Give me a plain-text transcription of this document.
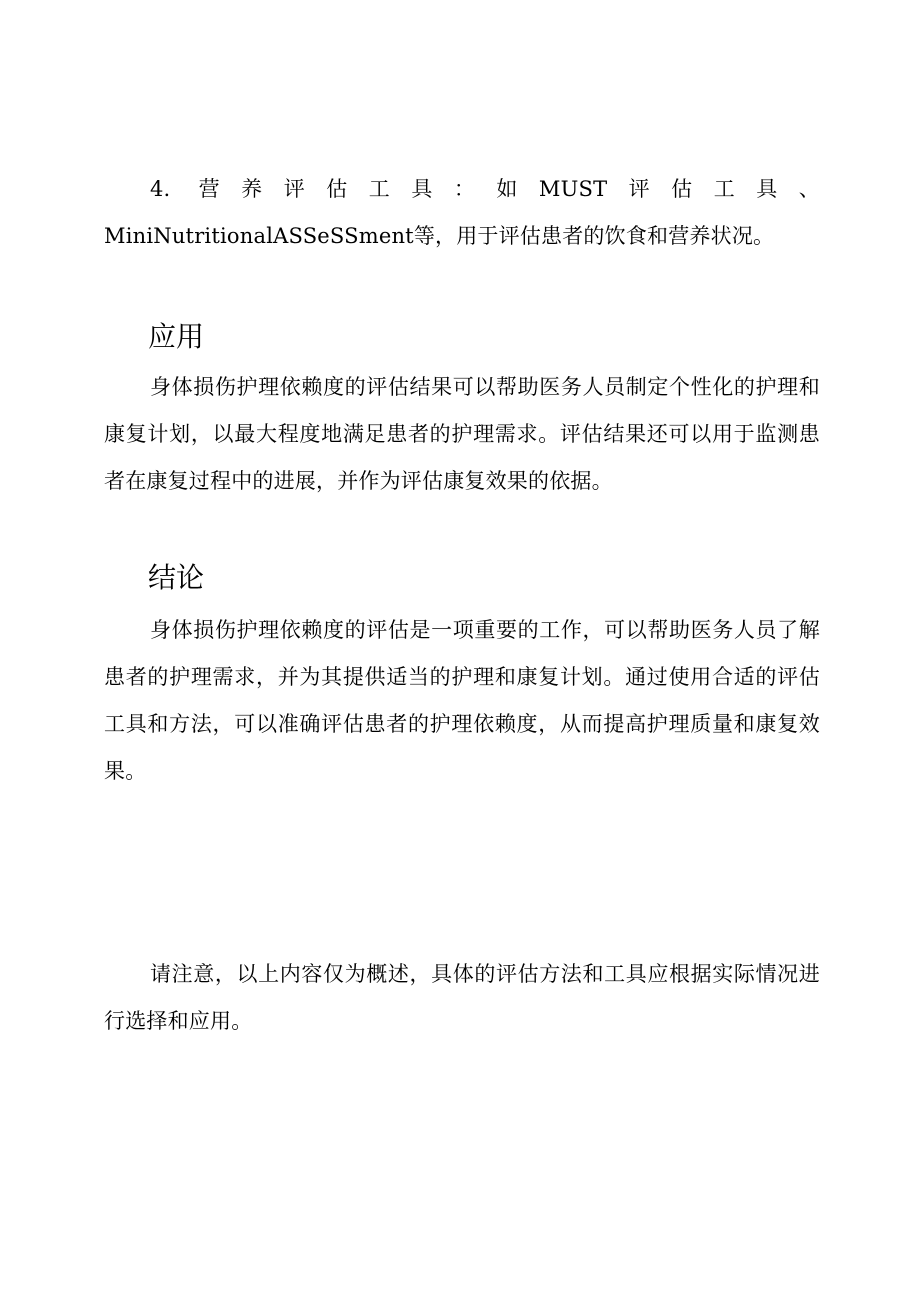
4. 营养评估工具：如MUST评估工具、MiniNutritionalASSeSSment等，用于评估患者的饮食和营养状况。

应用

身体损伤护理依赖度的评估结果可以帮助医务人员制定个性化的护理和康复计划，以最大程度地满足患者的护理需求。评估结果还可以用于监测患者在康复过程中的进展，并作为评估康复效果的依据。

结论

身体损伤护理依赖度的评估是一项重要的工作，可以帮助医务人员了解患者的护理需求，并为其提供适当的护理和康复计划。通过使用合适的评估工具和方法，可以准确评估患者的护理依赖度，从而提高护理质量和康复效果。

请注意，以上内容仅为概述，具体的评估方法和工具应根据实际情况进行选择和应用。
